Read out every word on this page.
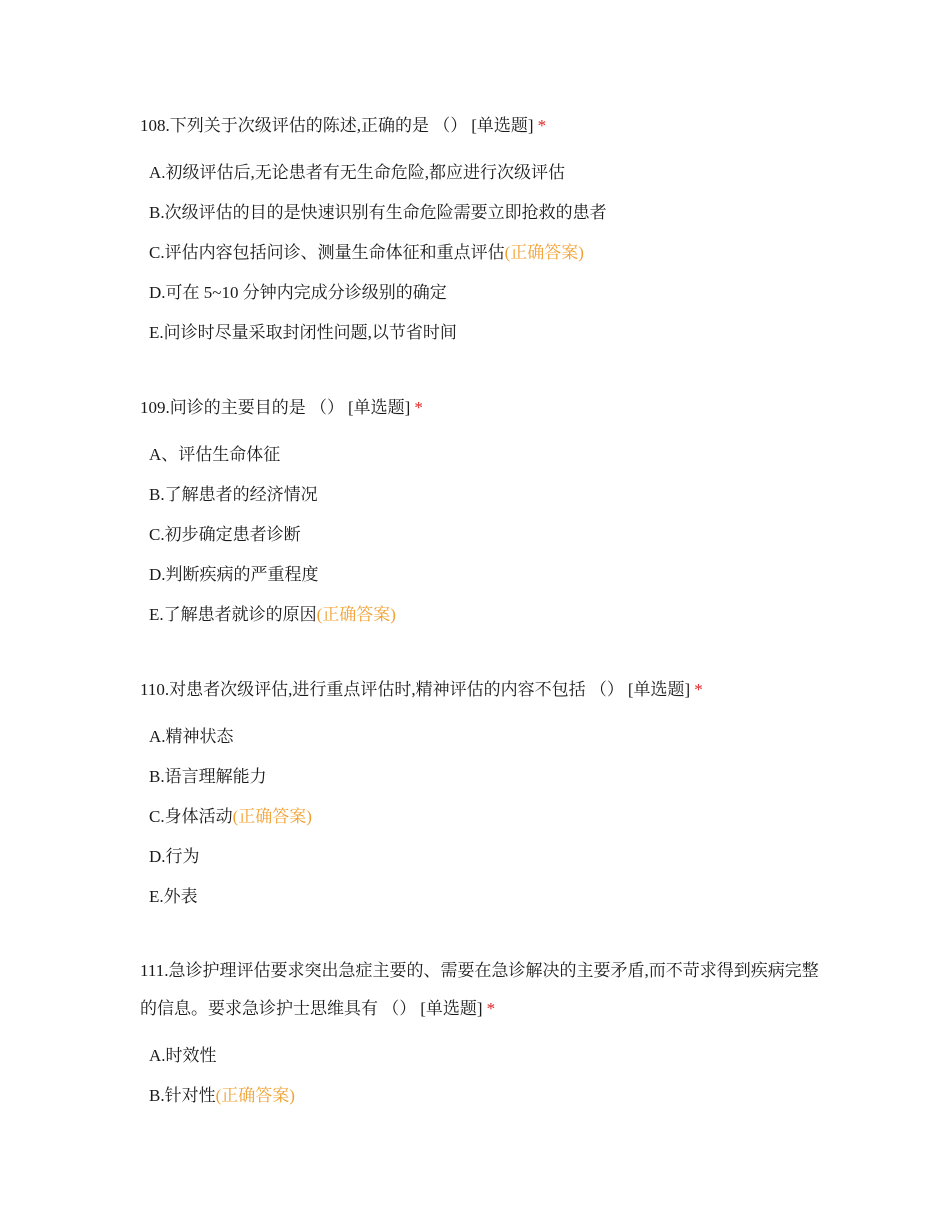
108.下列关于次级评估的陈述,正确的是 （） [单选题] *

A.初级评估后,无论患者有无生命危险,都应进行次级评估
B.次级评估的目的是快速识别有生命危险需要立即抢救的患者
C.评估内容包括问诊、测量生命体征和重点评估(正确答案)
D.可在 5~10 分钟内完成分诊级别的确定
E.问诊时尽量采取封闭性问题,以节省时间

109.问诊的主要目的是 （） [单选题] *

A、评估生命体征
B.了解患者的经济情况
C.初步确定患者诊断
D.判断疾病的严重程度
E.了解患者就诊的原因(正确答案)

110.对患者次级评估,进行重点评估时,精神评估的内容不包括 （） [单选题] *

A.精神状态
B.语言理解能力
C.身体活动(正确答案)
D.行为
E.外表

111.急诊护理评估要求突出急症主要的、需要在急诊解决的主要矛盾,而不苛求得到疾病完整的信息。要求急诊护士思维具有 （） [单选题] *

A.时效性
B.针对性(正确答案)
